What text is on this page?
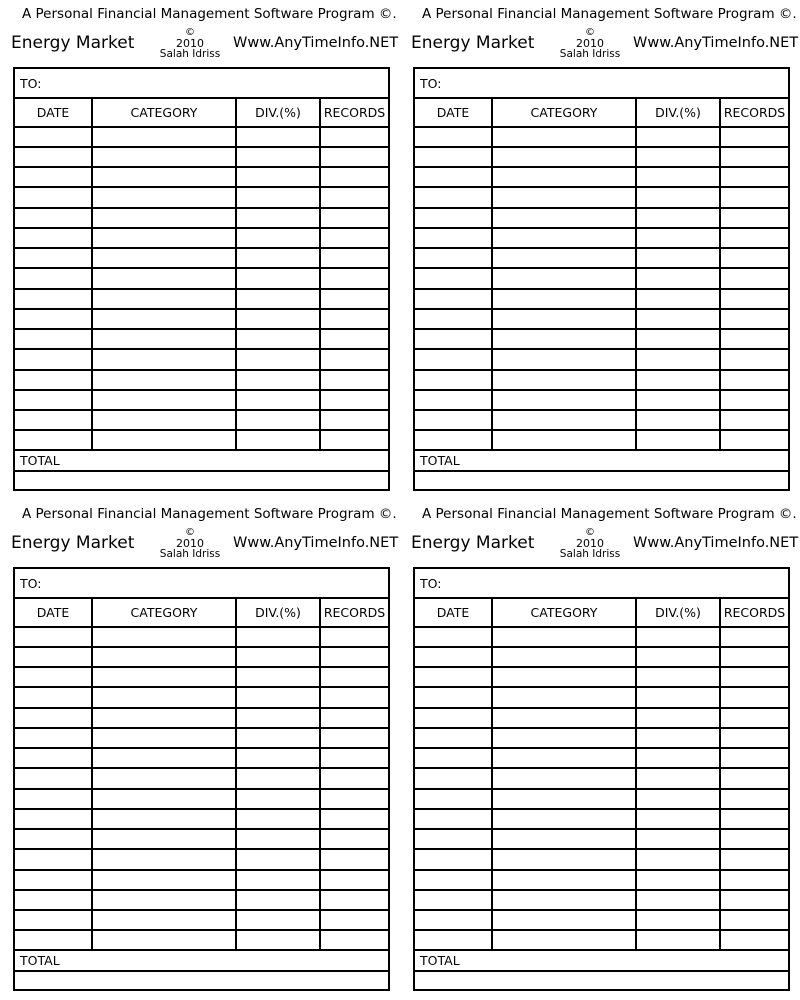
A Personal Financial Management Software Program ©.
Energy Market
©
2010
Salah Idriss
Www.AnyTimeInfo.NET
TO:			
DATE	CATEGORY	DIV.(%)	RECORDS

TOTAL			

A Personal Financial Management Software Program ©.
Energy Market
©
2010
Salah Idriss
Www.AnyTimeInfo.NET
TO:			
DATE	CATEGORY	DIV.(%)	RECORDS

TOTAL			

A Personal Financial Management Software Program ©.
Energy Market
©
2010
Salah Idriss
Www.AnyTimeInfo.NET
TO:			
DATE	CATEGORY	DIV.(%)	RECORDS

TOTAL			

A Personal Financial Management Software Program ©.
Energy Market
©
2010
Salah Idriss
Www.AnyTimeInfo.NET
TO:			
DATE	CATEGORY	DIV.(%)	RECORDS

TOTAL			
